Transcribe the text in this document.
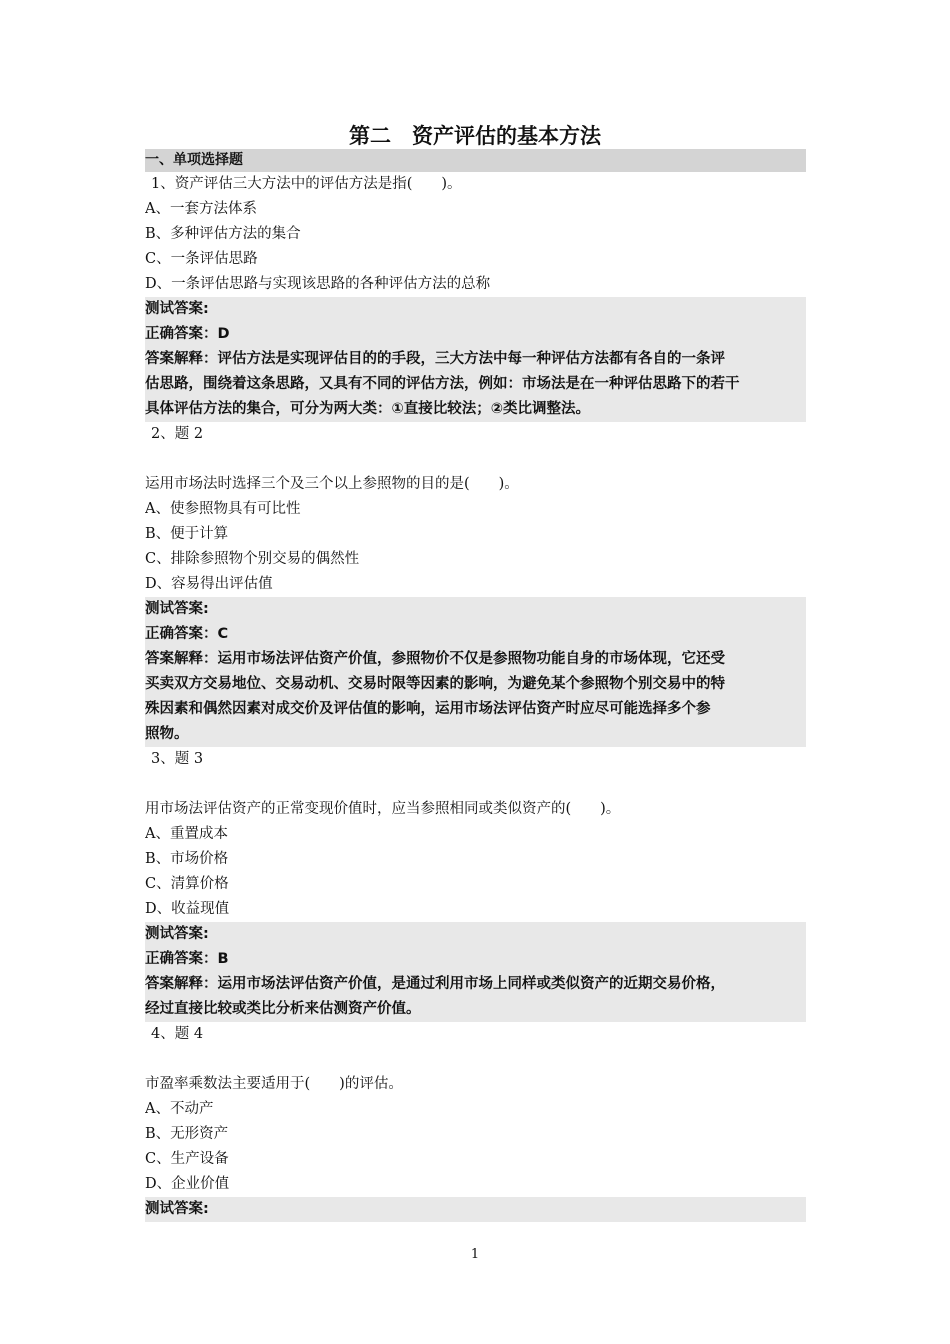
第二　资产评估的基本方法
一、单项选择题
1、资产评估三大方法中的评估方法是指(　　)。
A、一套方法体系
B、多种评估方法的集合
C、一条评估思路
D、一条评估思路与实现该思路的各种评估方法的总称
测试答案:
正确答案：D
答案解释：评估方法是实现评估目的的手段，三大方法中每一种评估方法都有各自的一条评
估思路，围绕着这条思路，又具有不同的评估方法，例如：市场法是在一种评估思路下的若干
具体评估方法的集合，可分为两大类：①直接比较法；②类比调整法。
2、题 2
运用市场法时选择三个及三个以上参照物的目的是(　　)。
A、使参照物具有可比性
B、便于计算
C、排除参照物个别交易的偶然性
D、容易得出评估值
测试答案:
正确答案：C
答案解释：运用市场法评估资产价值，参照物价不仅是参照物功能自身的市场体现，它还受
买卖双方交易地位、交易动机、交易时限等因素的影响，为避免某个参照物个别交易中的特
殊因素和偶然因素对成交价及评估值的影响，运用市场法评估资产时应尽可能选择多个参
照物。
3、题 3
用市场法评估资产的正常变现价值时，应当参照相同或类似资产的(　　)。
A、重置成本
B、市场价格
C、清算价格
D、收益现值
测试答案:
正确答案：B
答案解释：运用市场法评估资产价值，是通过利用市场上同样或类似资产的近期交易价格，
经过直接比较或类比分析来估测资产价值。
4、题 4
市盈率乘数法主要适用于(　　)的评估。
A、不动产
B、无形资产
C、生产设备
D、企业价值
测试答案:
1
